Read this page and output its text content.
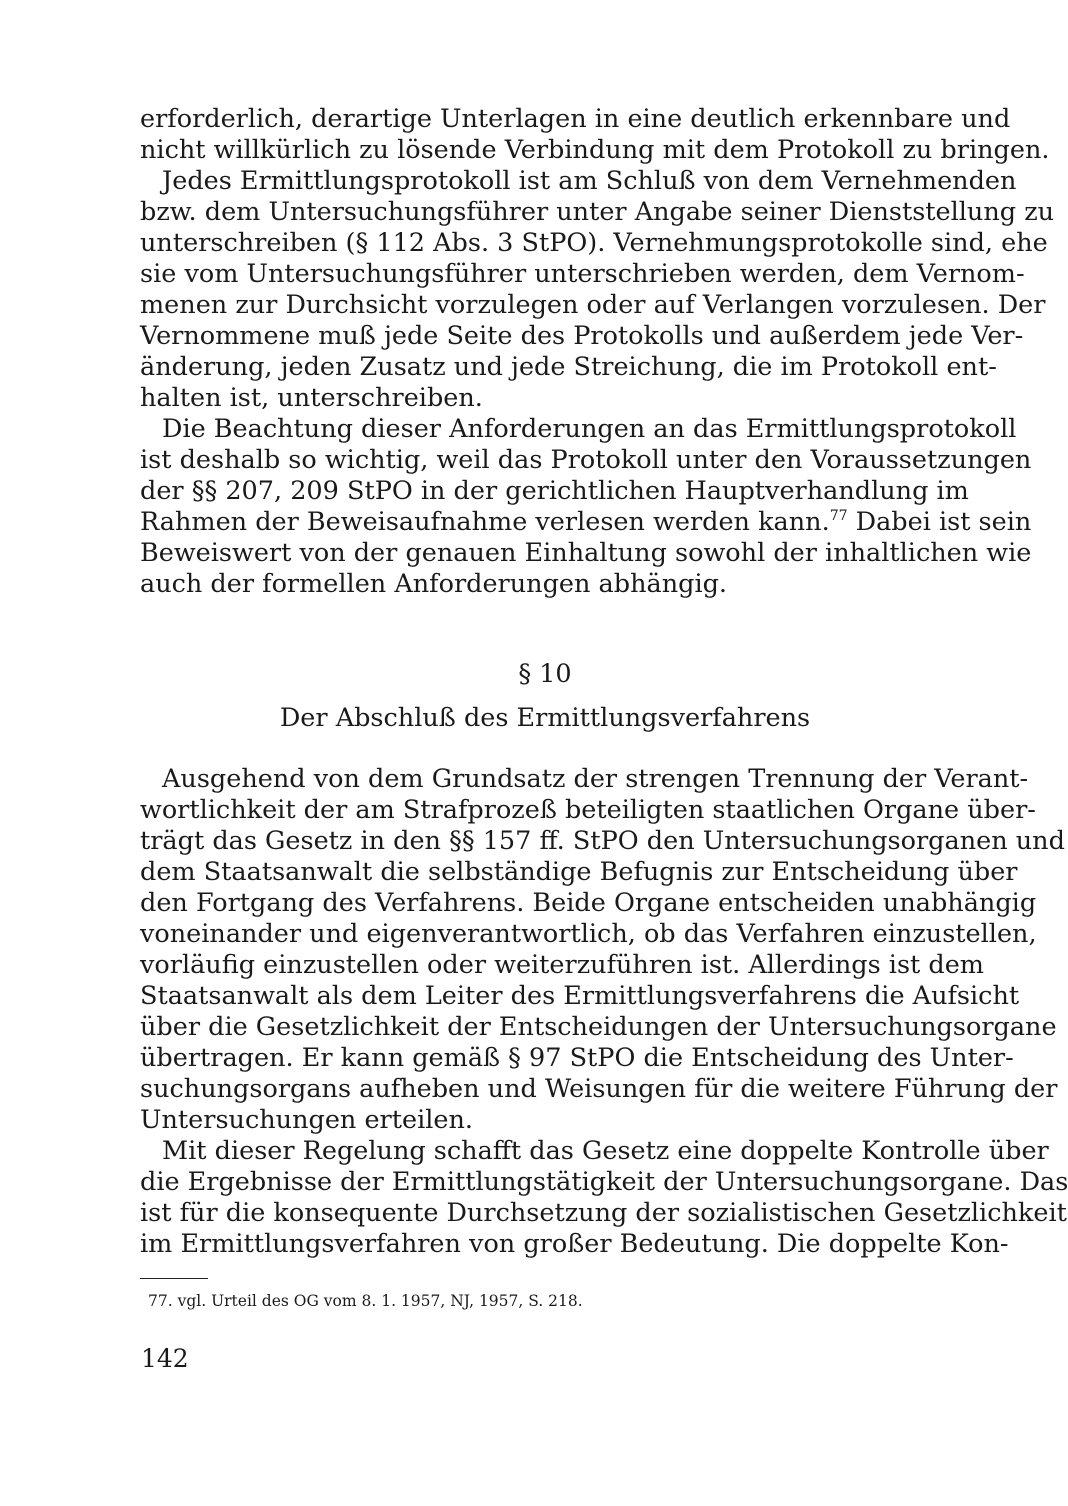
erforderlich, derartige Unterlagen in eine deutlich erkennbare und
nicht willkürlich zu lösende Verbindung mit dem Protokoll zu bringen.
Jedes Ermittlungsprotokoll ist am Schluß von dem Vernehmenden
bzw. dem Untersuchungsführer unter Angabe seiner Dienststellung zu
unterschreiben (§ 112 Abs. 3 StPO). Vernehmungsprotokolle sind, ehe
sie vom Untersuchungsführer unterschrieben werden, dem Vernom-
menen zur Durchsicht vorzulegen oder auf Verlangen vorzulesen. Der
Vernommene muß jede Seite des Protokolls und außerdem jede Ver-
änderung, jeden Zusatz und jede Streichung, die im Protokoll ent-
halten ist, unterschreiben.
Die Beachtung dieser Anforderungen an das Ermittlungsprotokoll
ist deshalb so wichtig, weil das Protokoll unter den Voraussetzungen
der §§ 207, 209 StPO in der gerichtlichen Hauptverhandlung im
Rahmen der Beweisaufnahme verlesen werden kann.$^{77}$ Dabei ist sein
Beweiswert von der genauen Einhaltung sowohl der inhaltlichen wie
auch der formellen Anforderungen abhängig.
§ 10
Der Abschluß des Ermittlungsverfahrens
Ausgehend von dem Grundsatz der strengen Trennung der Verant-
wortlichkeit der am Strafprozeß beteiligten staatlichen Organe über-
trägt das Gesetz in den §§ 157 ff. StPO den Untersuchungsorganen und
dem Staatsanwalt die selbständige Befugnis zur Entscheidung über
den Fortgang des Verfahrens. Beide Organe entscheiden unabhängig
voneinander und eigenverantwortlich, ob das Verfahren einzustellen,
vorläufig einzustellen oder weiterzuführen ist. Allerdings ist dem
Staatsanwalt als dem Leiter des Ermittlungsverfahrens die Aufsicht
über die Gesetzlichkeit der Entscheidungen der Untersuchungsorgane
übertragen. Er kann gemäß § 97 StPO die Entscheidung des Unter-
suchungsorgans aufheben und Weisungen für die weitere Führung der
Untersuchungen erteilen.
Mit dieser Regelung schafft das Gesetz eine doppelte Kontrolle über
die Ergebnisse der Ermittlungstätigkeit der Untersuchungsorgane. Das
ist für die konsequente Durchsetzung der sozialistischen Gesetzlichkeit
im Ermittlungsverfahren von großer Bedeutung. Die doppelte Kon-
77. vgl. Urteil des OG vom 8. 1. 1957, NJ, 1957, S. 218.
142
